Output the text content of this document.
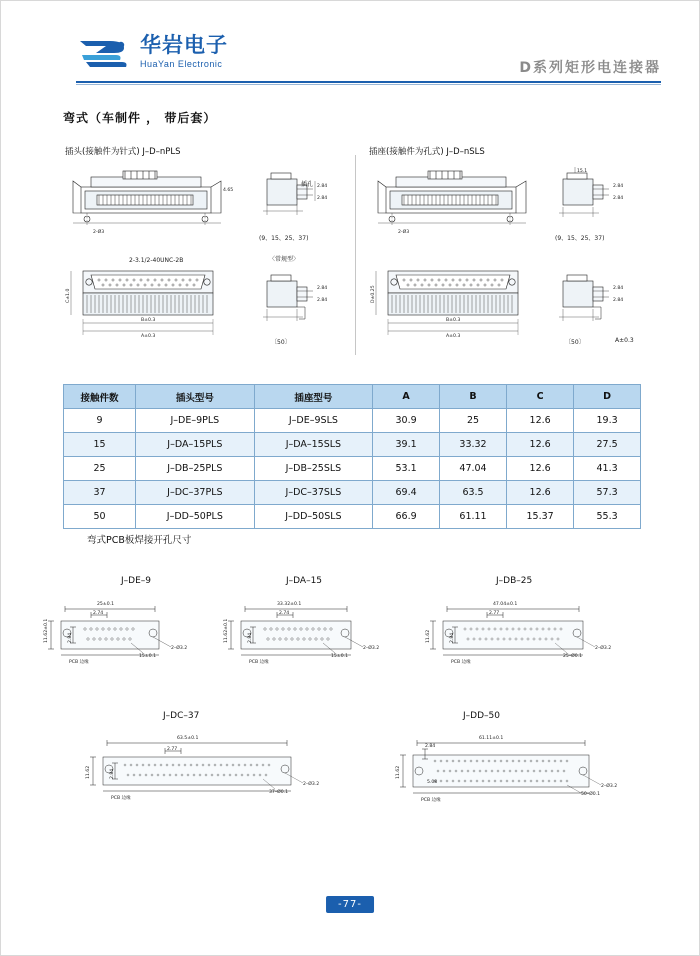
华岩电子
HuaYan Electronic	D系列矩形电连接器
弯式（车制件 ， 带后套）
插头(接触件为针式) J–D–nPLS	插座(接触件为孔式) J–D–nSLS
2-Ø3
4.65
2.84
2.84
插孔
(9、15、25、37)
〈常规型〉
C±1.0
B±0.3
A±0.3
2-3.1/2-40UNC-2B
2.84
2.84
〔50〕
2-Ø3
15.1
2.84
2.84
(9、15、25、37)
D±0.25
B±0.3
A±0.3
2.84
2.84
〔50〕	A±0.3
接触件数	插头型号	插座型号	A	B	C	D
9	J–DE–9PLS	J–DE–9SLS	30.9	25	12.6	19.3
15	J–DA–15PLS	J–DA–15SLS	39.1	33.32	12.6	27.5
25	J–DB–25PLS	J–DB–25SLS	53.1	47.04	12.6	41.3
37	J–DC–37PLS	J–DC–37SLS	69.4	63.5	12.6	57.3
50	J–DD–50PLS	J–DD–50SLS	66.9	61.11	15.37	55.3
弯式PCB板焊接开孔尺寸
J–DE–9	J–DA–15	J–DB–25
25±0.1
2.74
11.62±0.1	2.84
2–Ø3.2
15±0.1
PCB 边缘
33.32±0.1
2.74
11.62±0.1	2.84
2–Ø3.2
15±0.1
PCB 边缘
47.04±0.1
2.77
11.62	2.84
2–Ø3.2
25–Ø0.1
PCB 边缘
J–DC–37	J–DD–50
63.5±0.1
2.77
11.62	2.84
2–Ø3.2
37–Ø0.1
PCB 边缘
61.11±0.1
2.84
11.62
5.08
2–Ø3.2
50–Ø0.1
PCB 边缘
-77-
